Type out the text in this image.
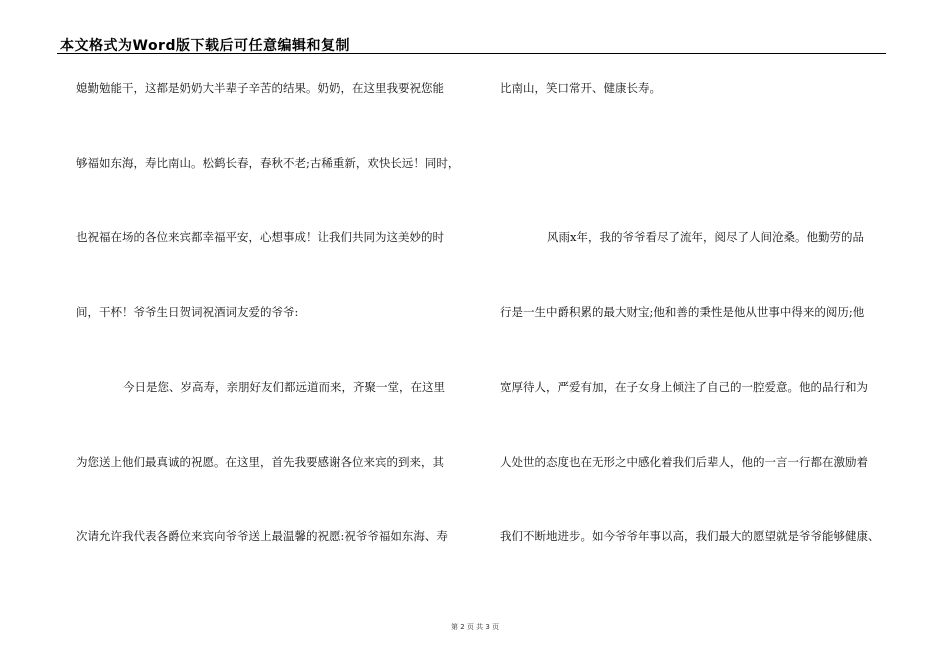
本文格式为Word版下载后可任意编辑和复制
媳勤勉能干，这都是奶奶大半辈子辛苦的结果。奶奶，在这里我要祝您能
够福如东海，寿比南山。松鹤长春，春秋不老;古稀重新，欢快长远！同时，
也祝福在场的各位来宾都幸福平安，心想事成！让我们共同为这美妙的时
间，干杯！爷爷生日贺词祝酒词友爱的爷爷:
今日是您、岁高寿，亲朋好友们都远道而来，齐聚一堂，在这里
为您送上他们最真诚的祝愿。在这里，首先我要感谢各位来宾的到来，其
次请允许我代表各爵位来宾向爷爷送上最温馨的祝愿:祝爷爷福如东海、寿
比南山，笑口常开、健康长寿。
风雨x年，我的爷爷看尽了流年，阅尽了人间沧桑。他勤劳的品
行是一生中爵积累的最大财宝;他和善的秉性是他从世事中得来的阅历;他
宽厚待人，严爱有加，在子女身上倾注了自己的一腔爱意。他的品行和为
人处世的态度也在无形之中感化着我们后辈人，他的一言一行都在激励着
我们不断地进步。如今爷爷年事以高，我们最大的愿望就是爷爷能够健康、
第 2 页 共 3 页
